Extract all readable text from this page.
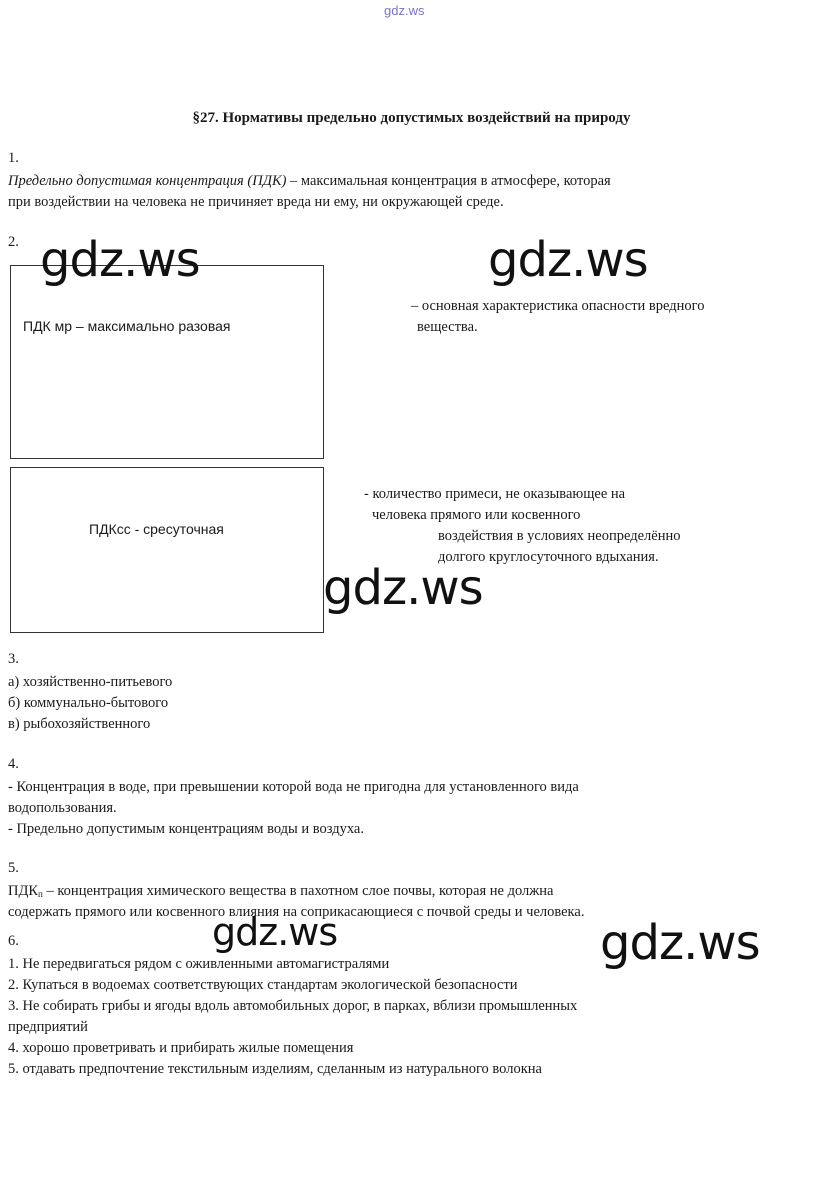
gdz.ws
§27. Нормативы предельно допустимых воздействий на природу
1.
Предельно допустимая концентрация (ПДК) – максимальная концентрация в атмосфере, которая
при воздействии на человека не причиняет вреда ни ему, ни окружающей среде.
2.
ПДК мр – максимально разовая
– основная характеристика опасности вредного
вещества.
ПДКсс - сресуточная
- количество примеси, не оказывающее на
человека прямого или косвенного
воздействия в условиях неопределённо
долгого круглосуточного вдыхания.
3.
а) хозяйственно-питьевого
б) коммунально-бытового
в) рыбохозяйственного
4.
- Концентрация в воде, при превышении которой вода не пригодна для установленного вида
водопользования.
- Предельно допустимым концентрациям воды и воздуха.
5.
$ПДК_п$ – концентрация химического вещества в пахотном слое почвы, которая не должна
содержать прямого или косвенного влияния на соприкасающиеся с почвой среды и человека.
6.
1. Не передвигаться рядом с оживленными автомагистралями
2. Купаться в водоемах соответствующих стандартам экологической безопасности
3. Не собирать грибы и ягоды вдоль автомобильных дорог, в парках, вблизи промышленных
предприятий
4. хорошо проветривать и прибирать жилые помещения
5. отдавать предпочтение текстильным изделиям, сделанным из натурального волокна
gdz.ws	gdz.ws
gdz.ws
gdz.ws	gdz.ws
